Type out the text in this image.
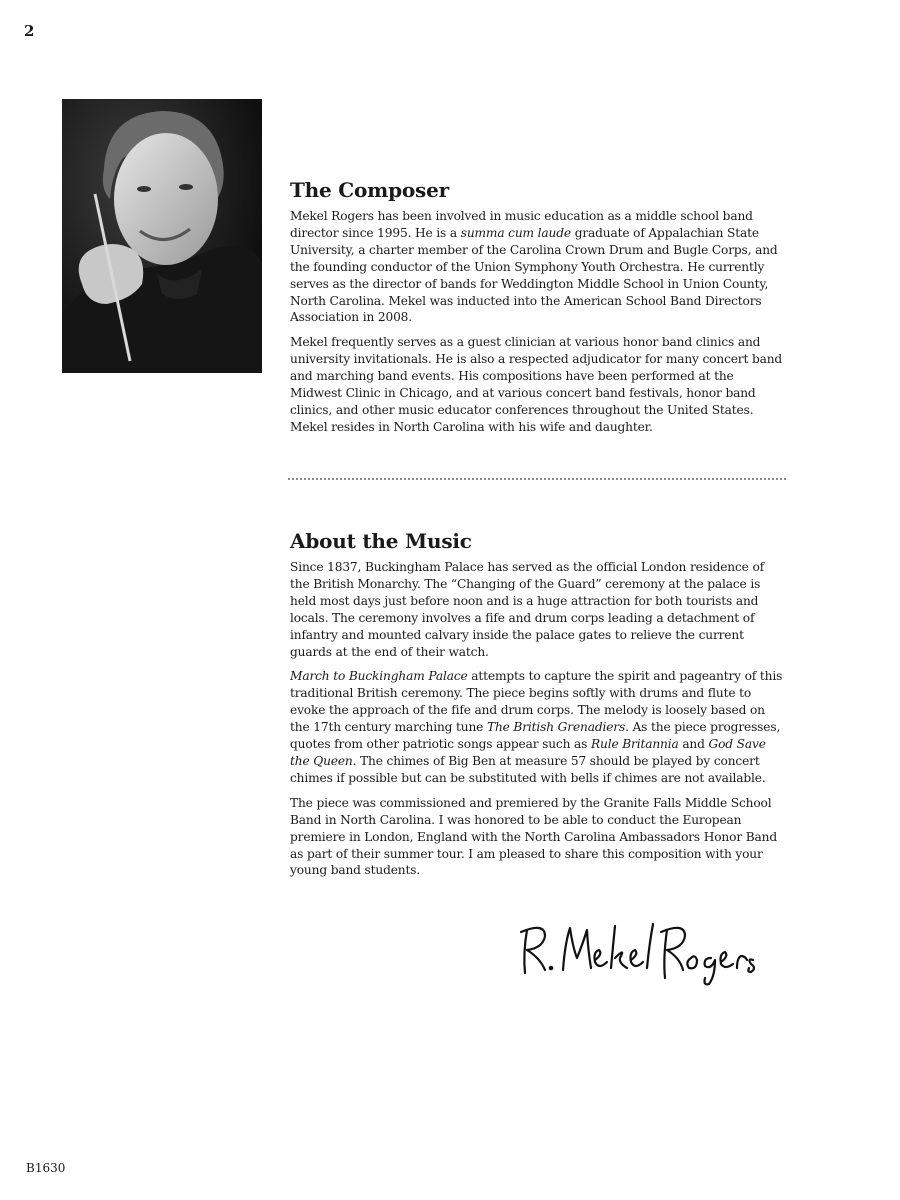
2
The Composer

Mekel Rogers has been involved in music education as a middle school band director since 1995. He is a summa cum laude graduate of Appalachian State University, a charter member of the Carolina Crown Drum and Bugle Corps, and the founding conductor of the Union Symphony Youth Orchestra. He currently serves as the director of bands for Weddington Middle School in Union County, North Carolina. Mekel was inducted into the American School Band Directors Association in 2008.

Mekel frequently serves as a guest clinician at various honor band clinics and university invitationals. He is also a respected adjudicator for many concert band and marching band events. His compositions have been performed at the Midwest Clinic in Chicago, and at various concert band festivals, honor band clinics, and other music educator conferences throughout the United States. Mekel resides in North Carolina with his wife and daughter.

About the Music

Since 1837, Buckingham Palace has served as the official London residence of the British Monarchy. The “Changing of the Guard” ceremony at the palace is held most days just before noon and is a huge attraction for both tourists and locals. The ceremony involves a fife and drum corps leading a detachment of infantry and mounted calvary inside the palace gates to relieve the current guards at the end of their watch.

March to Buckingham Palace attempts to capture the spirit and pageantry of this traditional British ceremony. The piece begins softly with drums and flute to evoke the approach of the fife and drum corps. The melody is loosely based on the 17th century marching tune The British Grenadiers. As the piece progresses, quotes from other patriotic songs appear such as Rule Britannia and God Save the Queen. The chimes of Big Ben at measure 57 should be played by concert chimes if possible but can be substituted with bells if chimes are not available.

The piece was commissioned and premiered by the Granite Falls Middle School Band in North Carolina. I was honored to be able to conduct the European premiere in London, England with the North Carolina Ambassadors Honor Band as part of their summer tour. I am pleased to share this composition with your young band students.

B1630
